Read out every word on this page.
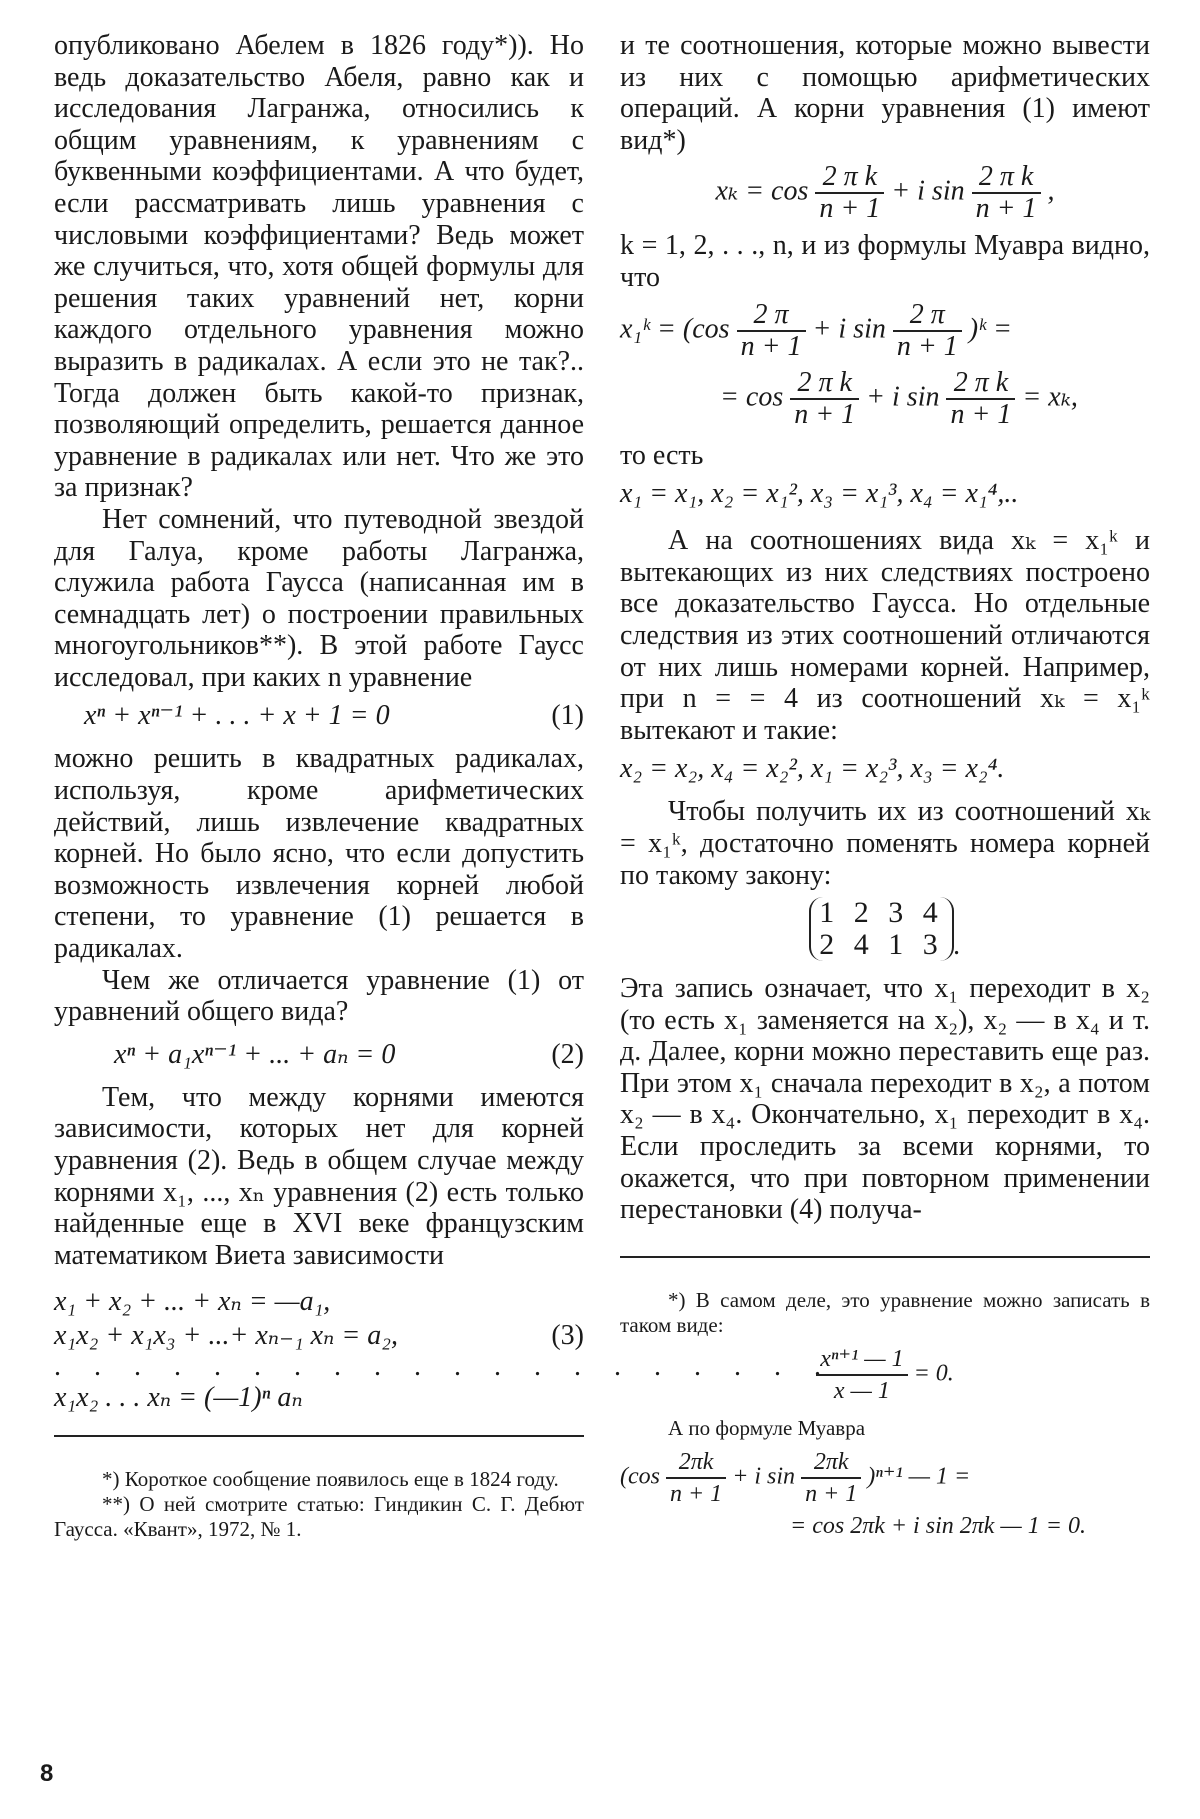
опубликовано Абелем в 1826 году*)). Но ведь доказательство Абеля, равно как и исследования Лагранжа, относились к общим уравнениям, к уравнениям с буквенными коэффициентами. А что будет, если рассматривать лишь уравнения с числовыми коэффициентами? Ведь может же случиться, что, хотя общей формулы для решения таких уравнений нет, корни каждого отдельного уравнения можно выразить в радикалах. А если это не так?.. Тогда должен быть какой-то признак, позволяющий определить, решается данное уравнение в радикалах или нет. Что же это за признак?

Нет сомнений, что путеводной звездой для Галуа, кроме работы Лагранжа, служила работа Гаусса (написанная им в семнадцать лет) о построении правильных многоугольников**). В этой работе Гаусс исследовал, при каких n уравнение

xⁿ + xⁿ⁻¹ + . . . + x + 1 = 0	(1)

можно решить в квадратных радикалах, используя, кроме арифметических действий, лишь извлечение квадратных корней. Но было ясно, что если допустить возможность извлечения корней любой степени, то уравнение (1) решается в радикалах.

Чем же отличается уравнение (1) от уравнений общего вида?

xⁿ + a₁xⁿ⁻¹ + ... + aₙ = 0	(2)

Тем, что между корнями имеются зависимости, которых нет для корней уравнения (2). Ведь в общем случае между корнями x₁, ..., xₙ уравнения (2) есть только найденные еще в XVI веке французским математиком Виета зависимости

x₁ + x₂ + ... + xₙ = —a₁,

x₁x₂ + x₁x₃ + ...+ xₙ₋₁ xₙ = a₂,	(3)

. . . . . . . . . . . . . . . . . . . .

x₁x₂ . . . xₙ = (—1)ⁿ aₙ

*) Короткое сообщение появилось еще в 1824 году.

**) О ней смотрите статью: Гиндикин С. Г. Дебют Гаусса. «Квант», 1972, № 1.

и те соотношения, которые можно вывести из них с помощью арифметических операций. А корни уравнения (1) имеют вид*)

$x_k = \cos \frac{\text{2 π k}}{n + 1} + i$ $\sin \frac{\text{2 π k}}{n + 1}$ ,

k = 1, 2, . . ., n, и из формулы Муавра видно, что

x₁ᵏ = ($\cos \frac{2 \pi}{n + 1} + i$ $\sin \frac{2 \pi}{n + 1}$ )ᵏ =

= $\cos \frac{\text{2 π k}}{n + 1} + i$ $\sin \frac{\text{2 π k}}{n + 1} = x_k$,

то есть

x₁ = x₁, x₂ = x₁², x₃ = x₁³, x₄ = x₁⁴,..

А на соотношениях вида xₖ = x₁ᵏ и вытекающих из них следствиях построено все доказательство Гаусса. Но отдельные следствия из этих соотношений отличаются от них лишь номерами корней. Например, при n = = 4 из соотношений xₖ = x₁ᵏ вытекают и такие:

x₂ = x₂, x₄ = x₂², x₁ = x₂³, x₃ = x₂⁴.

Чтобы получить их из соотношений xₖ = x₁ᵏ, достаточно поменять номера корней по такому закону:

1 2 3 4
2 4 1 3 .

Эта запись означает, что x₁ переходит в x₂ (то есть x₁ заменяется на x₂), x₂ — в x₄ и т. д. Далее, корни можно переставить еще раз. При этом x₁ сначала переходит в x₂, а потом x₂ — в x₄. Окончательно, x₁ переходит в x₄. Если проследить за всеми корнями, то окажется, что при повторном применении перестановки (4) получа-

*) В самом деле, это уравнение можно записать в таком виде:

$\frac{\text{xⁿ⁺¹ — 1}}{x — 1} = 0$.

А по формуле Муавра

($\cos \frac{2\pi k}{n + 1} + i$ $\sin \frac{2\pi k}{n + 1} )^{n+1}$ — 1 =

= cos 2πk + i sin 2πk — 1 = 0.

8
